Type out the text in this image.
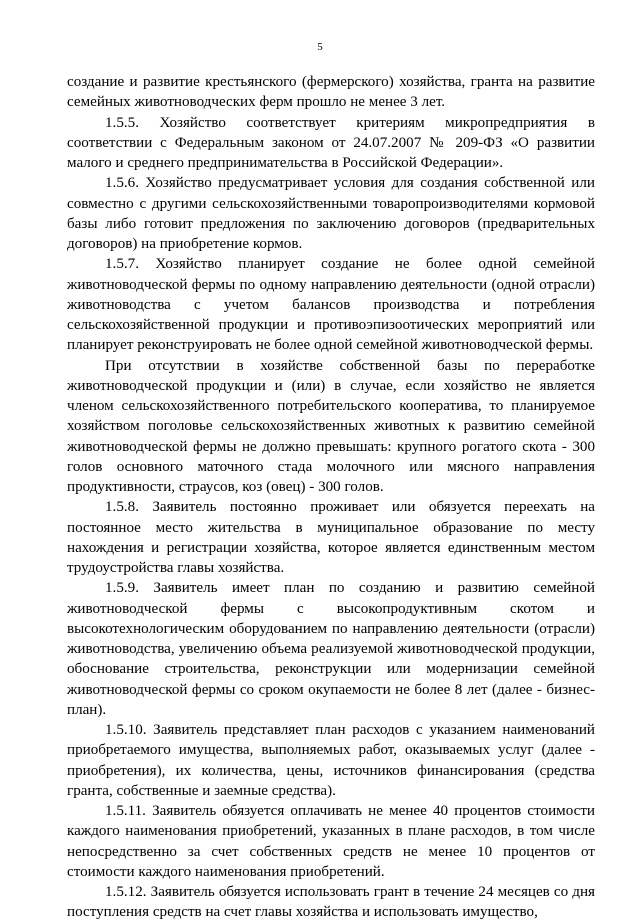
5

создание и развитие крестьянского (фермерского) хозяйства, гранта на развитие семейных животноводческих ферм прошло не менее 3 лет.

1.5.5. Хозяйство соответствует критериям микропредприятия в соответствии с Федеральным законом от 24.07.2007 № 209-ФЗ «О развитии малого и среднего предпринимательства в Российской Федерации».

1.5.6. Хозяйство предусматривает условия для создания собственной или совместно с другими сельскохозяйственными товаропроизводителями кормовой базы либо готовит предложения по заключению договоров (предварительных договоров) на приобретение кормов.

1.5.7. Хозяйство планирует создание не более одной семейной животноводческой фермы по одному направлению деятельности (одной отрасли) животноводства с учетом балансов производства и потребления сельскохозяйственной продукции и противоэпизоотических мероприятий или планирует реконструировать не более одной семейной животноводческой фермы.

При отсутствии в хозяйстве собственной базы по переработке животноводческой продукции и (или) в случае, если хозяйство не является членом сельскохозяйственного потребительского кооператива, то планируемое хозяйством поголовье сельскохозяйственных животных к развитию семейной животноводческой фермы не должно превышать: крупного рогатого скота - 300 голов основного маточного стада молочного или мясного направления продуктивности, страусов, коз (овец) - 300 голов.

1.5.8. Заявитель постоянно проживает или обязуется переехать на постоянное место жительства в муниципальное образование по месту нахождения и регистрации хозяйства, которое является единственным местом трудоустройства главы хозяйства.

1.5.9. Заявитель имеет план по созданию и развитию семейной животноводческой фермы с высокопродуктивным скотом и высокотехнологическим оборудованием по направлению деятельности (отрасли) животноводства, увеличению объема реализуемой животноводческой продукции, обоснование строительства, реконструкции или модернизации семейной животноводческой фермы со сроком окупаемости не более 8 лет (далее - бизнес-план).

1.5.10. Заявитель представляет план расходов с указанием наименований приобретаемого имущества, выполняемых работ, оказываемых услуг (далее - приобретения), их количества, цены, источников финансирования (средства гранта, собственные и заемные средства).

1.5.11. Заявитель обязуется оплачивать не менее 40 процентов стоимости каждого наименования приобретений, указанных в плане расходов, в том числе непосредственно за счет собственных средств не менее 10 процентов от стоимости каждого наименования приобретений.

1.5.12. Заявитель обязуется использовать грант в течение 24 месяцев со дня поступления средств на счет главы хозяйства и использовать имущество,
